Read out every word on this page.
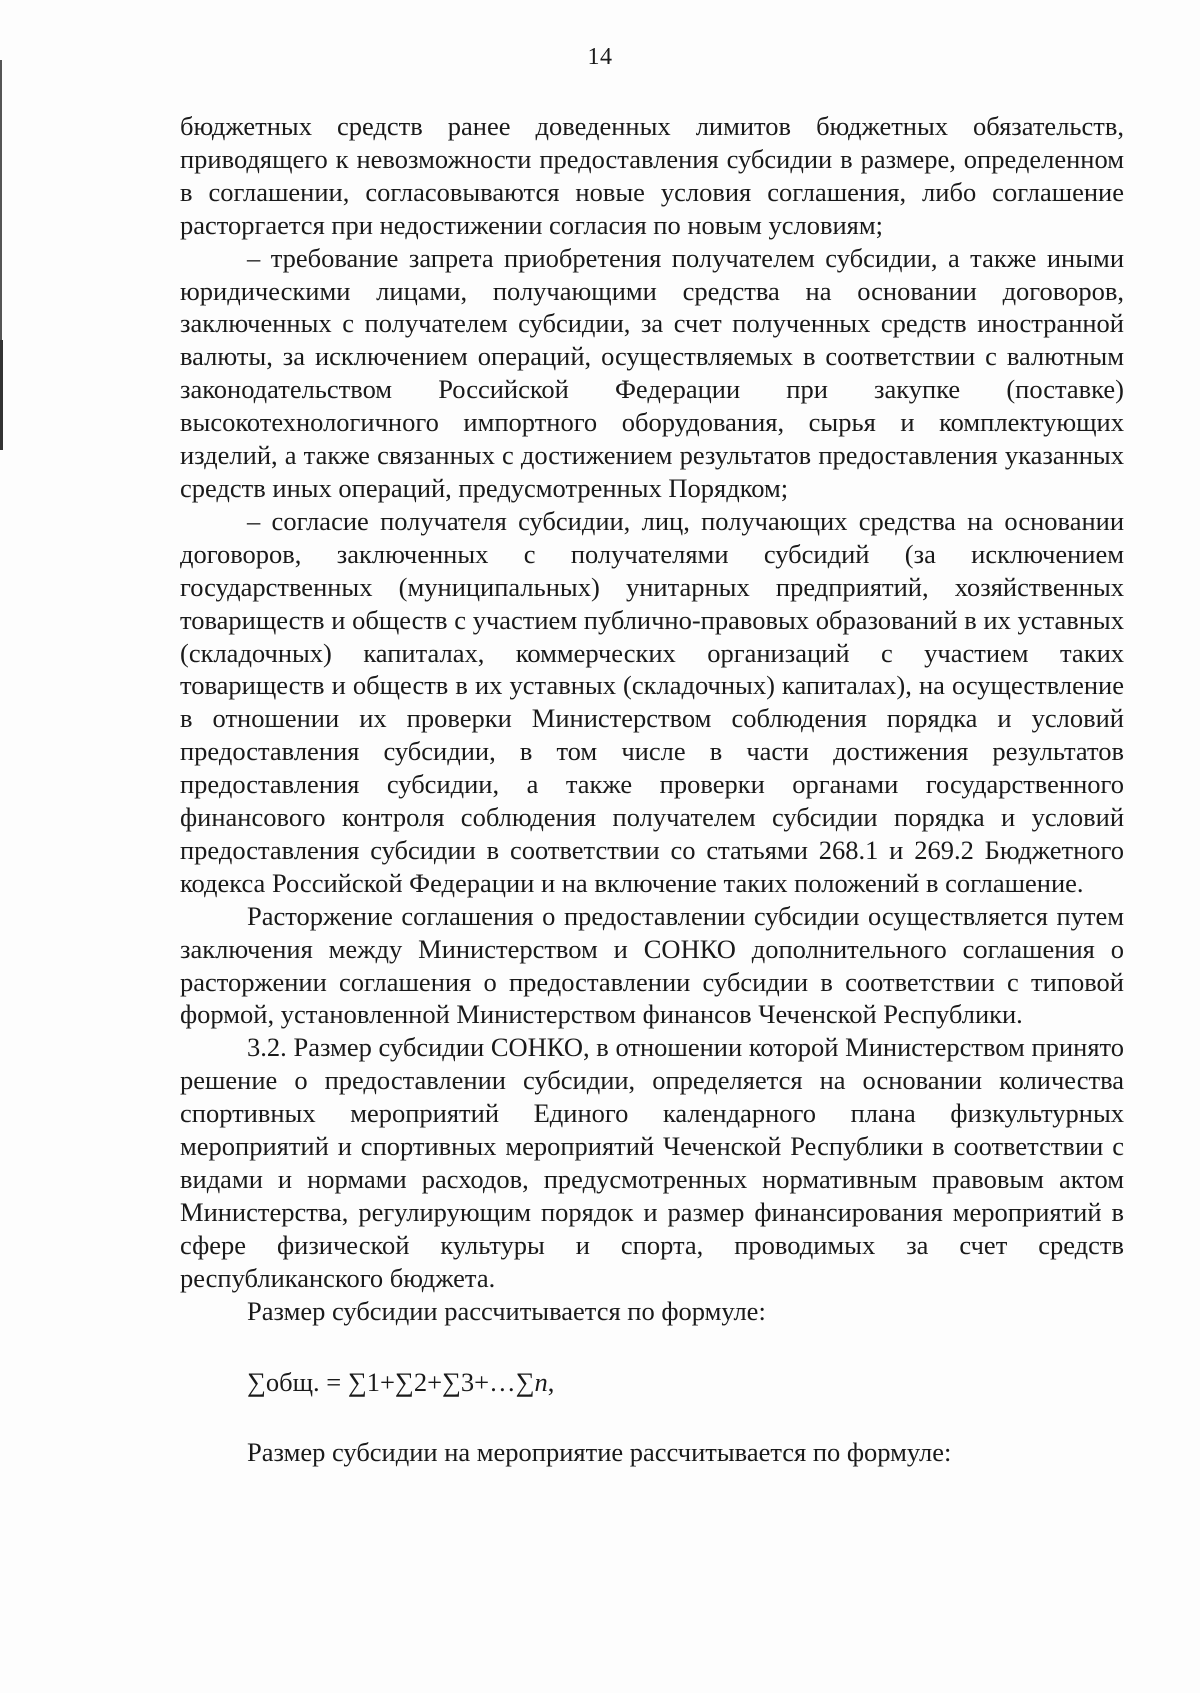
14

бюджетных средств ранее доведенных лимитов бюджетных обязательств, приводящего к невозможности предоставления субсидии в размере, определенном в соглашении, согласовываются новые условия соглашения, либо соглашение расторгается при недостижении согласия по новым условиям;

– требование запрета приобретения получателем субсидии, а также иными юридическими лицами, получающими средства на основании договоров, заключенных с получателем субсидии, за счет полученных средств иностранной валюты, за исключением операций, осуществляемых в соответствии с валютным законодательством Российской Федерации при закупке (поставке) высокотехнологичного импортного оборудования, сырья и комплектующих изделий, а также связанных с достижением результатов предоставления указанных средств иных операций, предусмотренных Порядком;

– согласие получателя субсидии, лиц, получающих средства на основании договоров, заключенных с получателями субсидий (за исключением государственных (муниципальных) унитарных предприятий, хозяйственных товариществ и обществ с участием публично-правовых образований в их уставных (складочных) капиталах, коммерческих организаций с участием таких товариществ и обществ в их уставных (складочных) капиталах), на осуществление в отношении их проверки Министерством соблюдения порядка и условий предоставления субсидии, в том числе в части достижения результатов предоставления субсидии, а также проверки органами государственного финансового контроля соблюдения получателем субсидии порядка и условий предоставления субсидии в соответствии со статьями 268.1 и 269.2 Бюджетного кодекса Российской Федерации и на включение таких положений в соглашение.

Расторжение соглашения о предоставлении субсидии осуществляется путем заключения между Министерством и СОНКО дополнительного соглашения о расторжении соглашения о предоставлении субсидии в соответствии с типовой формой, установленной Министерством финансов Чеченской Республики.

3.2. Размер субсидии СОНКО, в отношении которой Министерством принято решение о предоставлении субсидии, определяется на основании количества спортивных мероприятий Единого календарного плана физкультурных мероприятий и спортивных мероприятий Чеченской Республики в соответствии с видами и нормами расходов, предусмотренных нормативным правовым актом Министерства, регулирующим порядок и размер финансирования мероприятий в сфере физической культуры и спорта, проводимых за счет средств республиканского бюджета.

Размер субсидии рассчитывается по формуле:

∑общ. = ∑1+∑2+∑3+…∑n,

Размер субсидии на мероприятие рассчитывается по формуле:
